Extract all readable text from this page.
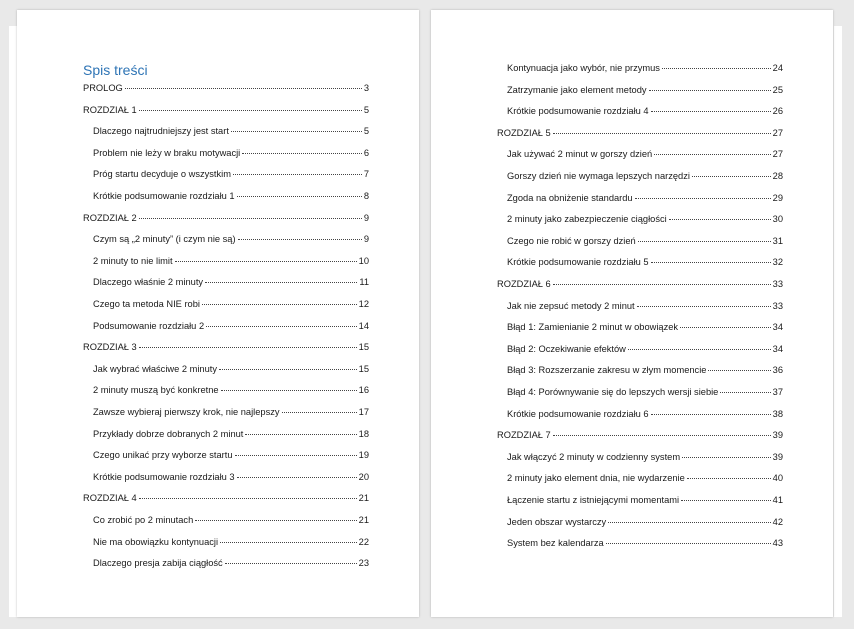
Spis treści
PROLOG	3
ROZDZIAŁ 1	5
Dlaczego najtrudniejszy jest start	5
Problem nie leży w braku motywacji	6
Próg startu decyduje o wszystkim	7
Krótkie podsumowanie rozdziału 1	8
ROZDZIAŁ 2	9
Czym są „2 minuty” (i czym nie są)	9
2 minuty to nie limit	10
Dlaczego właśnie 2 minuty	11
Czego ta metoda NIE robi	12
Podsumowanie rozdziału 2	14
ROZDZIAŁ 3	15
Jak wybrać właściwe 2 minuty	15
2 minuty muszą być konkretne	16
Zawsze wybieraj pierwszy krok, nie najlepszy	17
Przykłady dobrze dobranych 2 minut	18
Czego unikać przy wyborze startu	19
Krótkie podsumowanie rozdziału 3	20
ROZDZIAŁ 4	21
Co zrobić po 2 minutach	21
Nie ma obowiązku kontynuacji	22
Dlaczego presja zabija ciągłość	23
Kontynuacja jako wybór, nie przymus	24
Zatrzymanie jako element metody	25
Krótkie podsumowanie rozdziału 4	26
ROZDZIAŁ 5	27
Jak używać 2 minut w gorszy dzień	27
Gorszy dzień nie wymaga lepszych narzędzi	28
Zgoda na obniżenie standardu	29
2 minuty jako zabezpieczenie ciągłości	30
Czego nie robić w gorszy dzień	31
Krótkie podsumowanie rozdziału 5	32
ROZDZIAŁ 6	33
Jak nie zepsuć metody 2 minut	33
Błąd 1: Zamienianie 2 minut w obowiązek	34
Błąd 2: Oczekiwanie efektów	34
Błąd 3: Rozszerzanie zakresu w złym momencie	36
Błąd 4: Porównywanie się do lepszych wersji siebie	37
Krótkie podsumowanie rozdziału 6	38
ROZDZIAŁ 7	39
Jak włączyć 2 minuty w codzienny system	39
2 minuty jako element dnia, nie wydarzenie	40
Łączenie startu z istniejącymi momentami	41
Jeden obszar wystarczy	42
System bez kalendarza	43
